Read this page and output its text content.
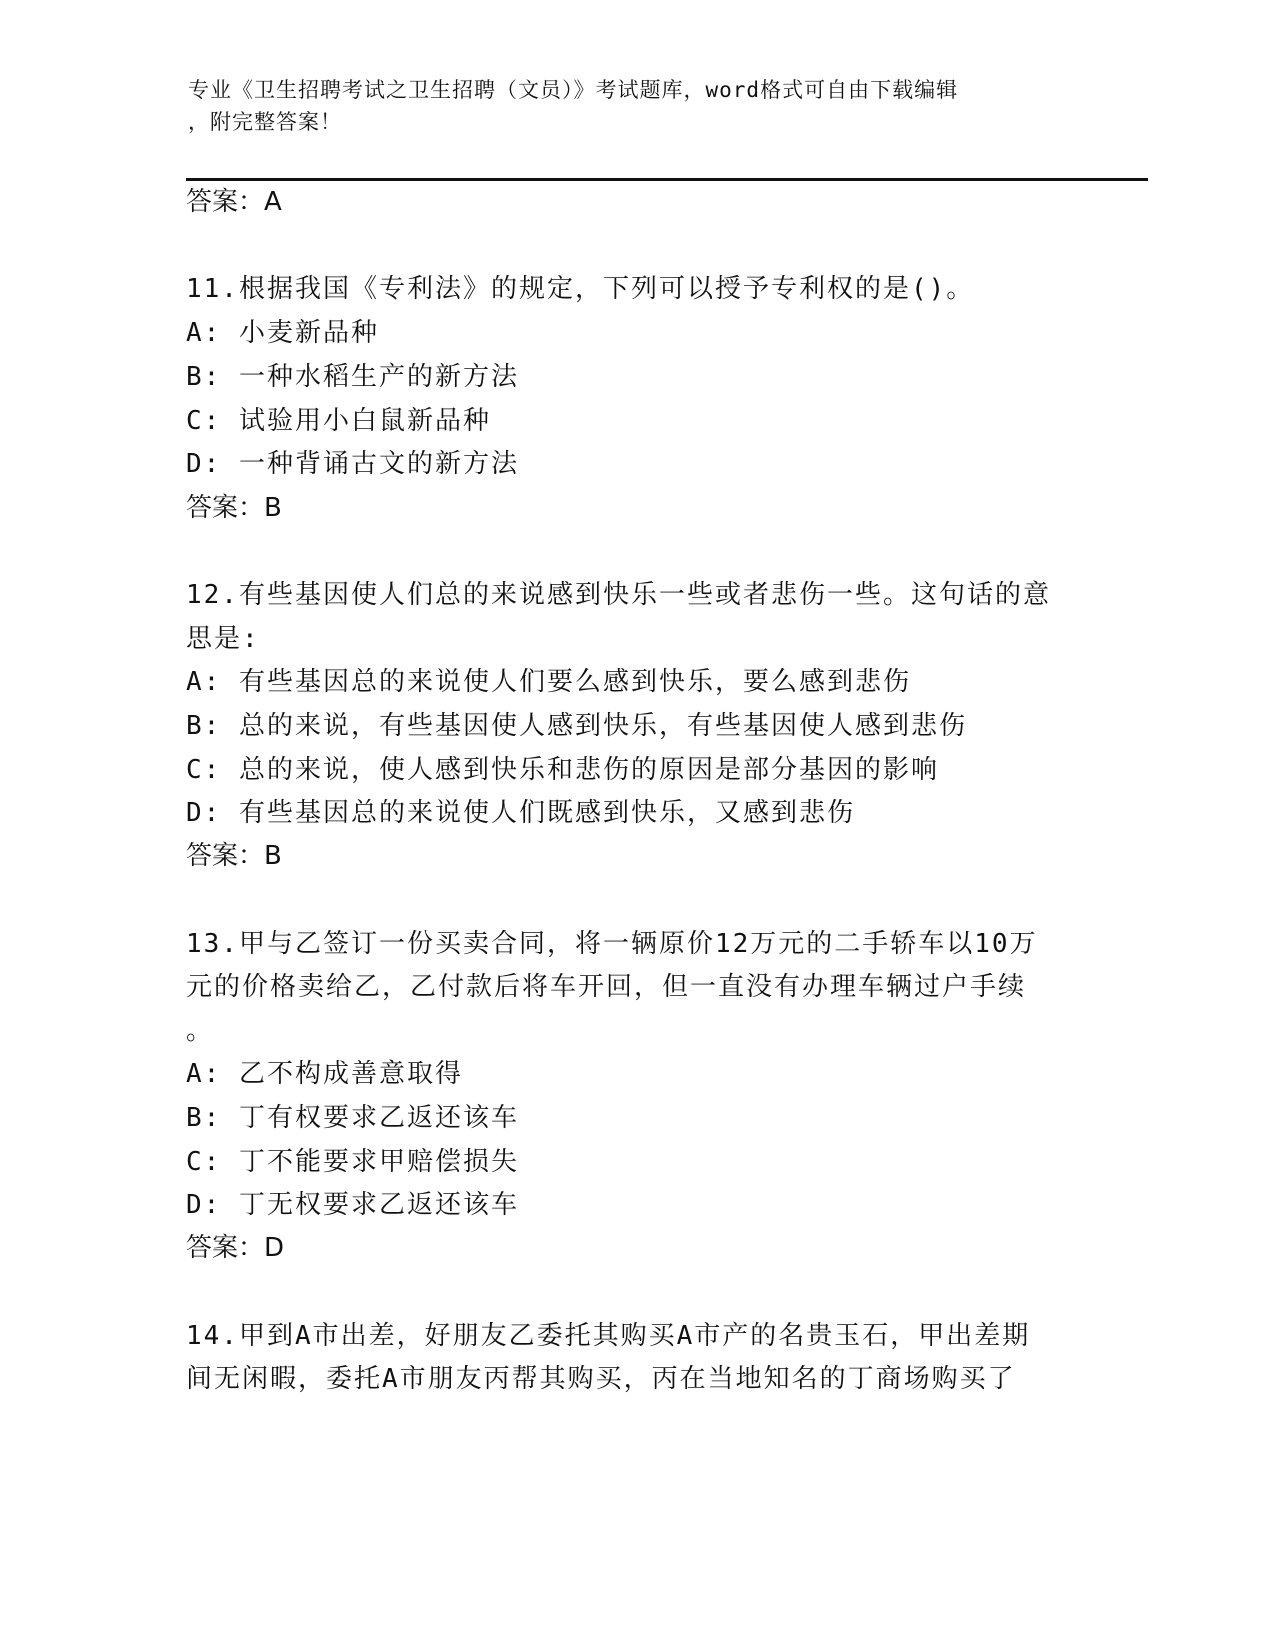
专业《卫生招聘考试之卫生招聘（文员）》考试题库，word格式可自由下载编辑
，附完整答案！
答案：A
11.根据我国《专利法》的规定，下列可以授予专利权的是()。
A: 小麦新品种
B: 一种水稻生产的新方法
C: 试验用小白鼠新品种
D: 一种背诵古文的新方法
答案：B
12.有些基因使人们总的来说感到快乐一些或者悲伤一些。这句话的意
思是:
A: 有些基因总的来说使人们要么感到快乐，要么感到悲伤
B: 总的来说，有些基因使人感到快乐，有些基因使人感到悲伤
C: 总的来说，使人感到快乐和悲伤的原因是部分基因的影响
D: 有些基因总的来说使人们既感到快乐，又感到悲伤
答案：B
13.甲与乙签订一份买卖合同，将一辆原价12万元的二手轿车以10万
元的价格卖给乙，乙付款后将车开回，但一直没有办理车辆过户手续
。
A: 乙不构成善意取得
B: 丁有权要求乙返还该车
C: 丁不能要求甲赔偿损失
D: 丁无权要求乙返还该车
答案：D
14.甲到A市出差，好朋友乙委托其购买A市产的名贵玉石，甲出差期
间无闲暇，委托A市朋友丙帮其购买，丙在当地知名的丁商场购买了
